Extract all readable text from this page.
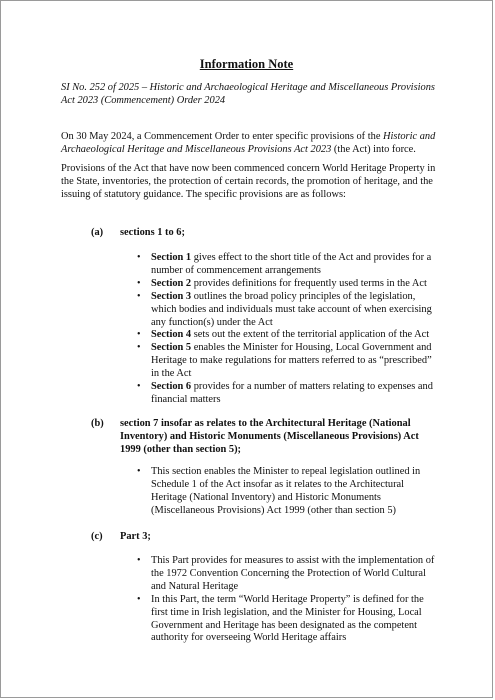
Information Note
SI No. 252 of 2025 – Historic and Archaeological Heritage and Miscellaneous Provisions Act 2023 (Commencement) Order 2024
On 30 May 2024, a Commencement Order to enter specific provisions of the Historic and Archaeological Heritage and Miscellaneous Provisions Act 2023 (the Act) into force.
Provisions of the Act that have now been commenced concern World Heritage Property in the State, inventories, the protection of certain records, the promotion of heritage, and the issuing of statutory guidance. The specific provisions are as follows:
(a) sections 1 to 6;
• Section 1 gives effect to the short title of the Act and provides for a number of commencement arrangements
• Section 2 provides definitions for frequently used terms in the Act
• Section 3 outlines the broad policy principles of the legislation, which bodies and individuals must take account of when exercising any function(s) under the Act
• Section 4 sets out the extent of the territorial application of the Act
• Section 5 enables the Minister for Housing, Local Government and Heritage to make regulations for matters referred to as “prescribed” in the Act
• Section 6 provides for a number of matters relating to expenses and financial matters
(b) section 7 insofar as relates to the Architectural Heritage (National Inventory) and Historic Monuments (Miscellaneous Provisions) Act 1999 (other than section 5);
• This section enables the Minister to repeal legislation outlined in Schedule 1 of the Act insofar as it relates to the Architectural Heritage (National Inventory) and Historic Monuments (Miscellaneous Provisions) Act 1999 (other than section 5)
(c) Part 3;
• This Part provides for measures to assist with the implementation of the 1972 Convention Concerning the Protection of World Cultural and Natural Heritage
• In this Part, the term “World Heritage Property” is defined for the first time in Irish legislation, and the Minister for Housing, Local Government and Heritage has been designated as the competent authority for overseeing World Heritage affairs
